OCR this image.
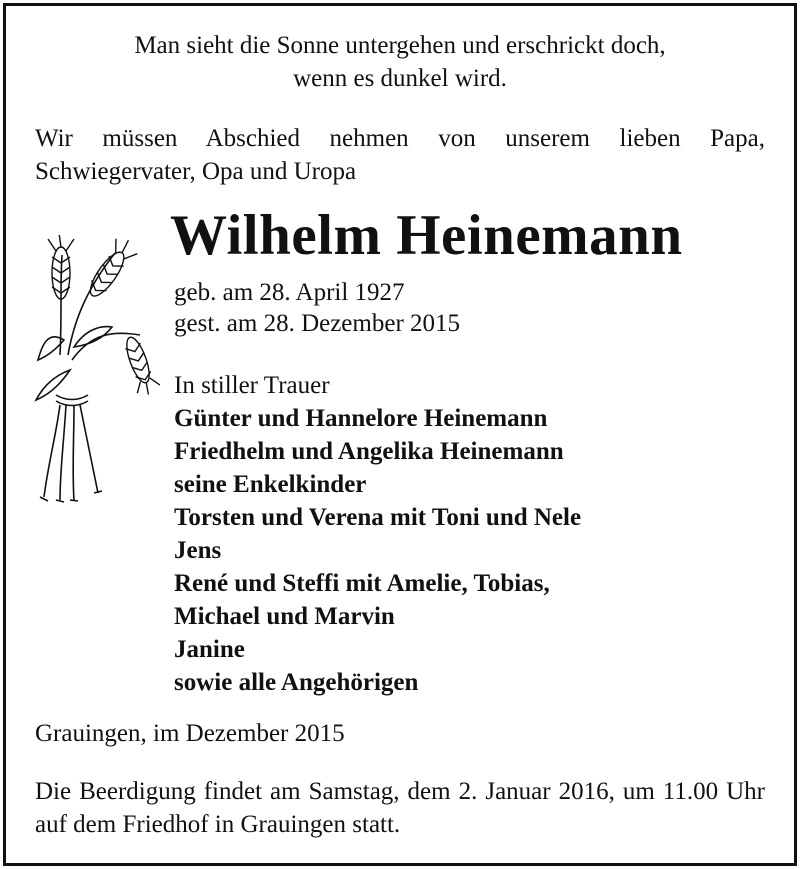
Man sieht die Sonne untergehen und erschrickt doch,
wenn es dunkel wird.
Wir müssen Abschied nehmen von unserem lieben Papa, Schwiegervater, Opa und Uropa
Wilhelm Heinemann
geb. am 28. April 1927
gest. am 28. Dezember 2015
In stiller Trauer
Günter und Hannelore Heinemann
Friedhelm und Angelika Heinemann
seine Enkelkinder
Torsten und Verena mit Toni und Nele
Jens
René und Steffi mit Amelie, Tobias,
Michael und Marvin
Janine
sowie alle Angehörigen
Grauingen, im Dezember 2015
Die Beerdigung findet am Samstag, dem 2. Januar 2016, um 11.00 Uhr auf dem Friedhof in Grauingen statt.
